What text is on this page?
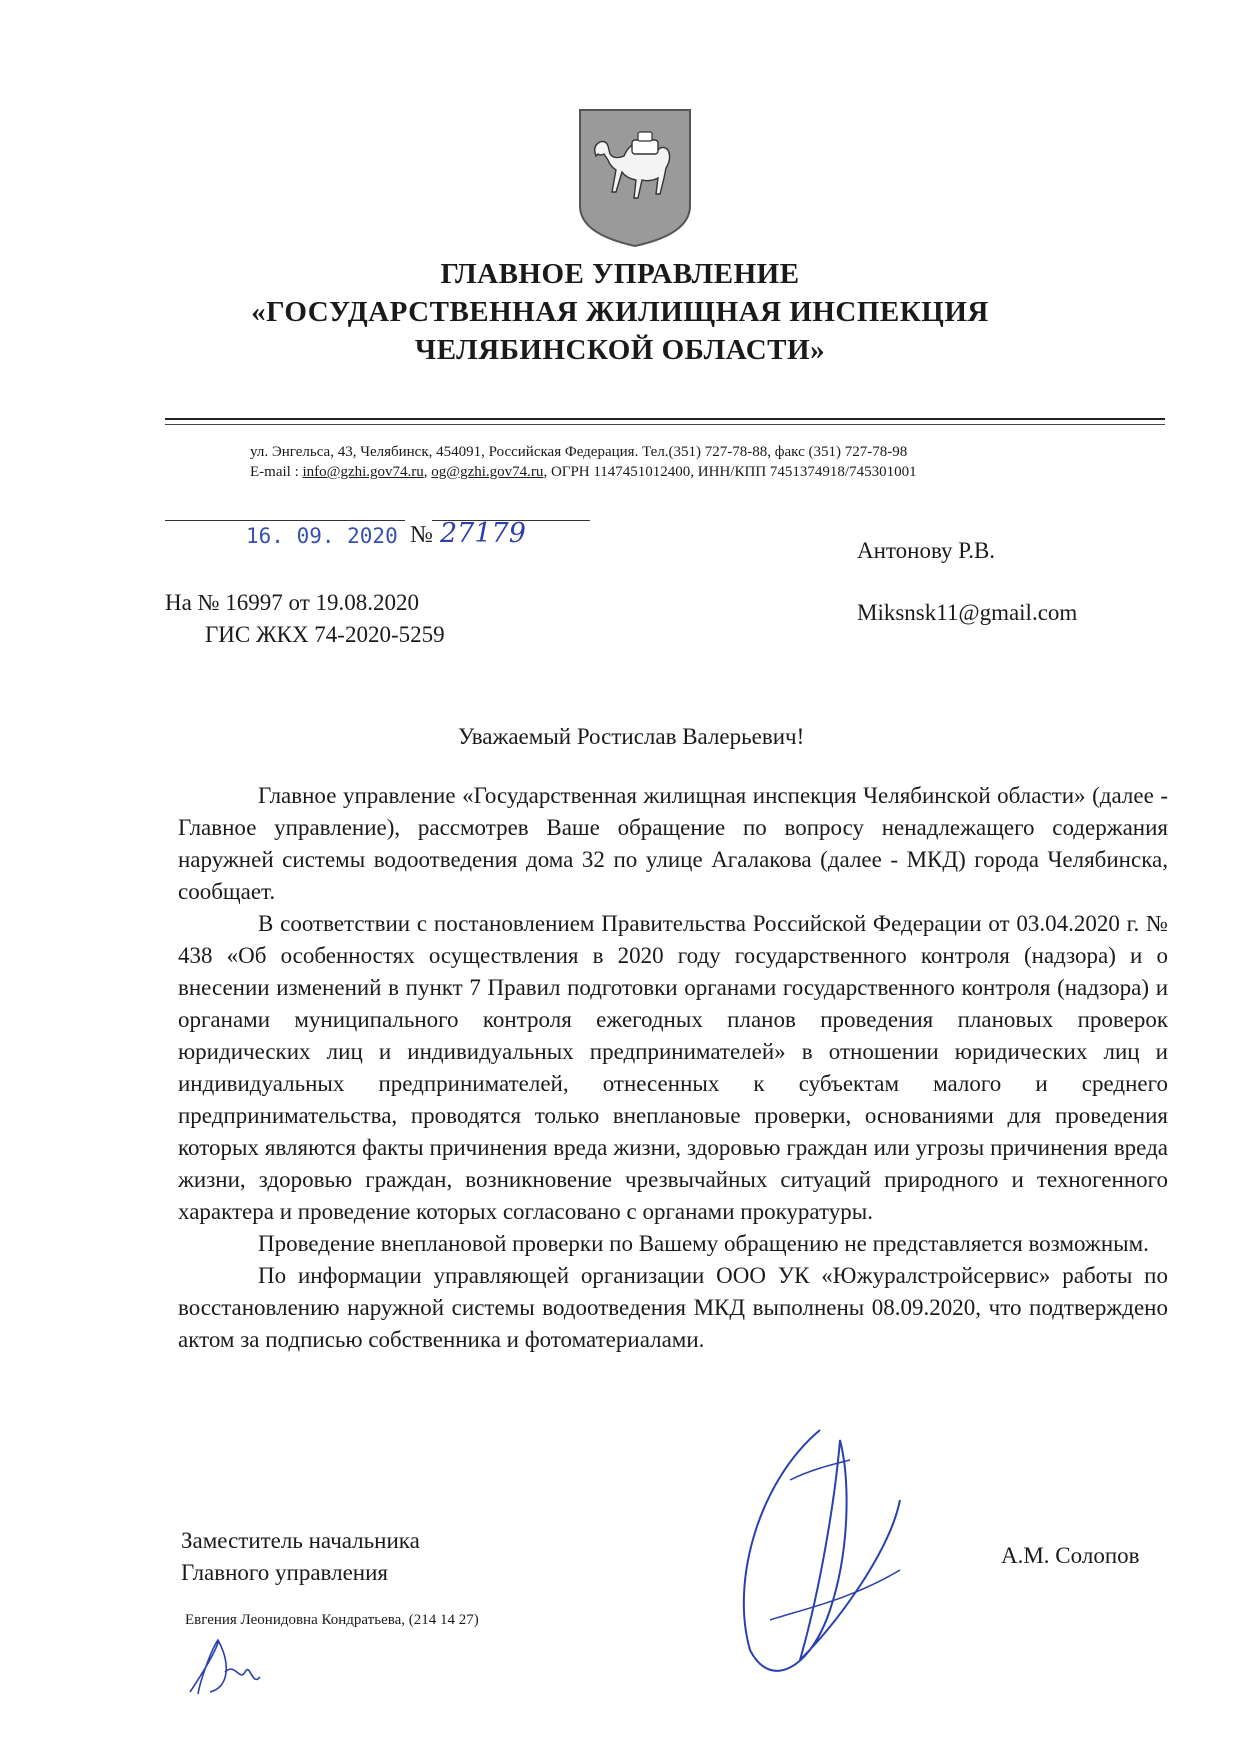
ГЛАВНОЕ УПРАВЛЕНИЕ
«ГОСУДАРСТВЕННАЯ ЖИЛИЩНАЯ ИНСПЕКЦИЯ
ЧЕЛЯБИНСКОЙ ОБЛАСТИ»
ул. Энгельса, 43, Челябинск, 454091, Российская Федерация. Тел.(351) 727-78-88, факс (351) 727-78-98
E-mail : info@gzhi.gov74.ru, og@gzhi.gov74.ru, ОГРН 1147451012400, ИНН/КПП 7451374918/745301001
16. 09. 2020 № 27179
На № 16997 от 19.08.2020
ГИС ЖКХ 74-2020-5259
Антонову Р.В.
Miksnsk11@gmail.com
Уважаемый Ростислав Валерьевич!

Главное управление «Государственная жилищная инспекция Челябинской области» (далее - Главное управление), рассмотрев Ваше обращение по вопросу ненадлежащего содержания наружней системы водоотведения дома 32 по улице Агалакова (далее - МКД) города Челябинска, сообщает.

В соответствии с постановлением Правительства Российской Федерации от 03.04.2020 г. № 438 «Об особенностях осуществления в 2020 году государственного контроля (надзора) и о внесении изменений в пункт 7 Правил подготовки органами государственного контроля (надзора) и органами муниципального контроля ежегодных планов проведения плановых проверок юридических лиц и индивидуальных предпринимателей» в отношении юридических лиц и индивидуальных предпринимателей, отнесенных к субъектам малого и среднего предпринимательства, проводятся только внеплановые проверки, основаниями для проведения которых являются факты причинения вреда жизни, здоровью граждан или угрозы причинения вреда жизни, здоровью граждан, возникновение чрезвычайных ситуаций природного и техногенного характера и проведение которых согласовано с органами прокуратуры.

Проведение внеплановой проверки по Вашему обращению не представляется возможным.

По информации управляющей организации ООО УК «Южуралстройсервис» работы по восстановлению наружной системы водоотведения МКД выполнены 08.09.2020, что подтверждено актом за подписью собственника и фотоматериалами.

Заместитель начальника
Главного управления
А.М. Солопов
Евгения Леонидовна Кондратьева, (214 14 27)
